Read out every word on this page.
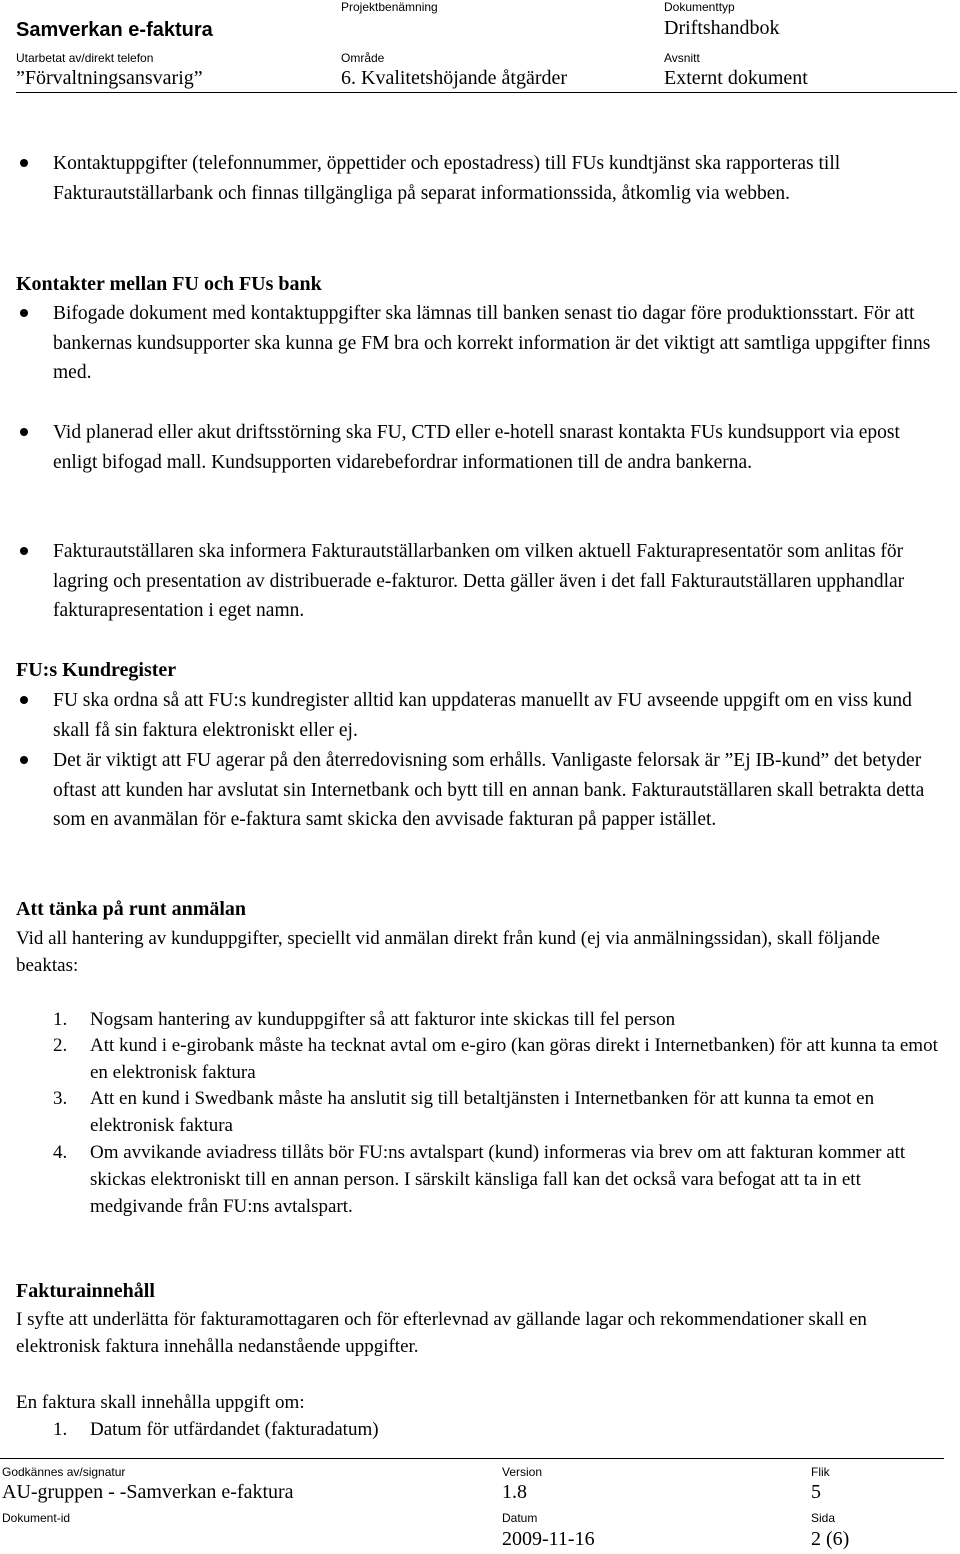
Samverkan e-faktura
Projektbenämning	Dokumenttyp
Driftshandbok
Utarbetat av/direkt telefon
”Förvaltningsansvarig”
Område
6. Kvalitetshöjande åtgärder
Avsnitt
Externt dokument
Kontaktuppgifter (telefonnummer, öppettider och epostadress) till FUs kundtjänst ska rapporteras till Fakturautställarbank och finnas tillgängliga på separat informationssida, åtkomlig via webben.
Kontakter mellan FU och FUs bank
Bifogade dokument med kontaktuppgifter ska lämnas till banken senast tio dagar före produktionsstart. För att bankernas kundsupporter ska kunna ge FM bra och korrekt information är det viktigt att samtliga uppgifter finns med.
Vid planerad eller akut driftsstörning ska FU, CTD eller e-hotell snarast kontakta FUs kundsupport via epost enligt bifogad mall. Kundsupporten vidarebefordrar informationen till de andra bankerna.
Fakturautställaren ska informera Fakturautställarbanken om vilken aktuell Fakturapresentatör som anlitas för lagring och presentation av distribuerade e-fakturor. Detta gäller även i det fall Fakturautställaren upphandlar fakturapresentation i eget namn.
FU:s Kundregister
FU ska ordna så att FU:s kundregister alltid kan uppdateras manuellt av FU avseende uppgift om en viss kund skall få sin faktura elektroniskt eller ej.
Det är viktigt att FU agerar på den återredovisning som erhålls. Vanligaste felorsak är ”Ej IB-kund” det betyder oftast att kunden har avslutat sin Internetbank och bytt till en annan bank. Fakturautställaren skall betrakta detta som en avanmälan för e-faktura samt skicka den avvisade fakturan på papper istället.
Att tänka på runt anmälan
Vid all hantering av kunduppgifter, speciellt vid anmälan direkt från kund (ej via anmälningssidan), skall följande beaktas:
1. Nogsam hantering av kunduppgifter så att fakturor inte skickas till fel person
2. Att kund i e-girobank måste ha tecknat avtal om e-giro (kan göras direkt i Internetbanken) för att kunna ta emot en elektronisk faktura
3. Att en kund i Swedbank måste ha anslutit sig till betaltjänsten i Internetbanken för att kunna ta emot en elektronisk faktura
4. Om avvikande aviadress tillåts bör FU:ns avtalspart (kund) informeras via brev om att fakturan kommer att skickas elektroniskt till en annan person. I särskilt känsliga fall kan det också vara befogat att ta in ett medgivande från FU:ns avtalspart.
Fakturainnehåll
I syfte att underlätta för fakturamottagaren och för efterlevnad av gällande lagar och rekommendationer skall en elektronisk faktura innehålla nedanstående uppgifter.
En faktura skall innehålla uppgift om:
1. Datum för utfärdandet (fakturadatum)
Godkännes av/signatur
AU-gruppen - -Samverkan e-faktura
Version
1.8
Flik
5
Dokument-id	Datum
2009-11-16
Sida
2 (6)
